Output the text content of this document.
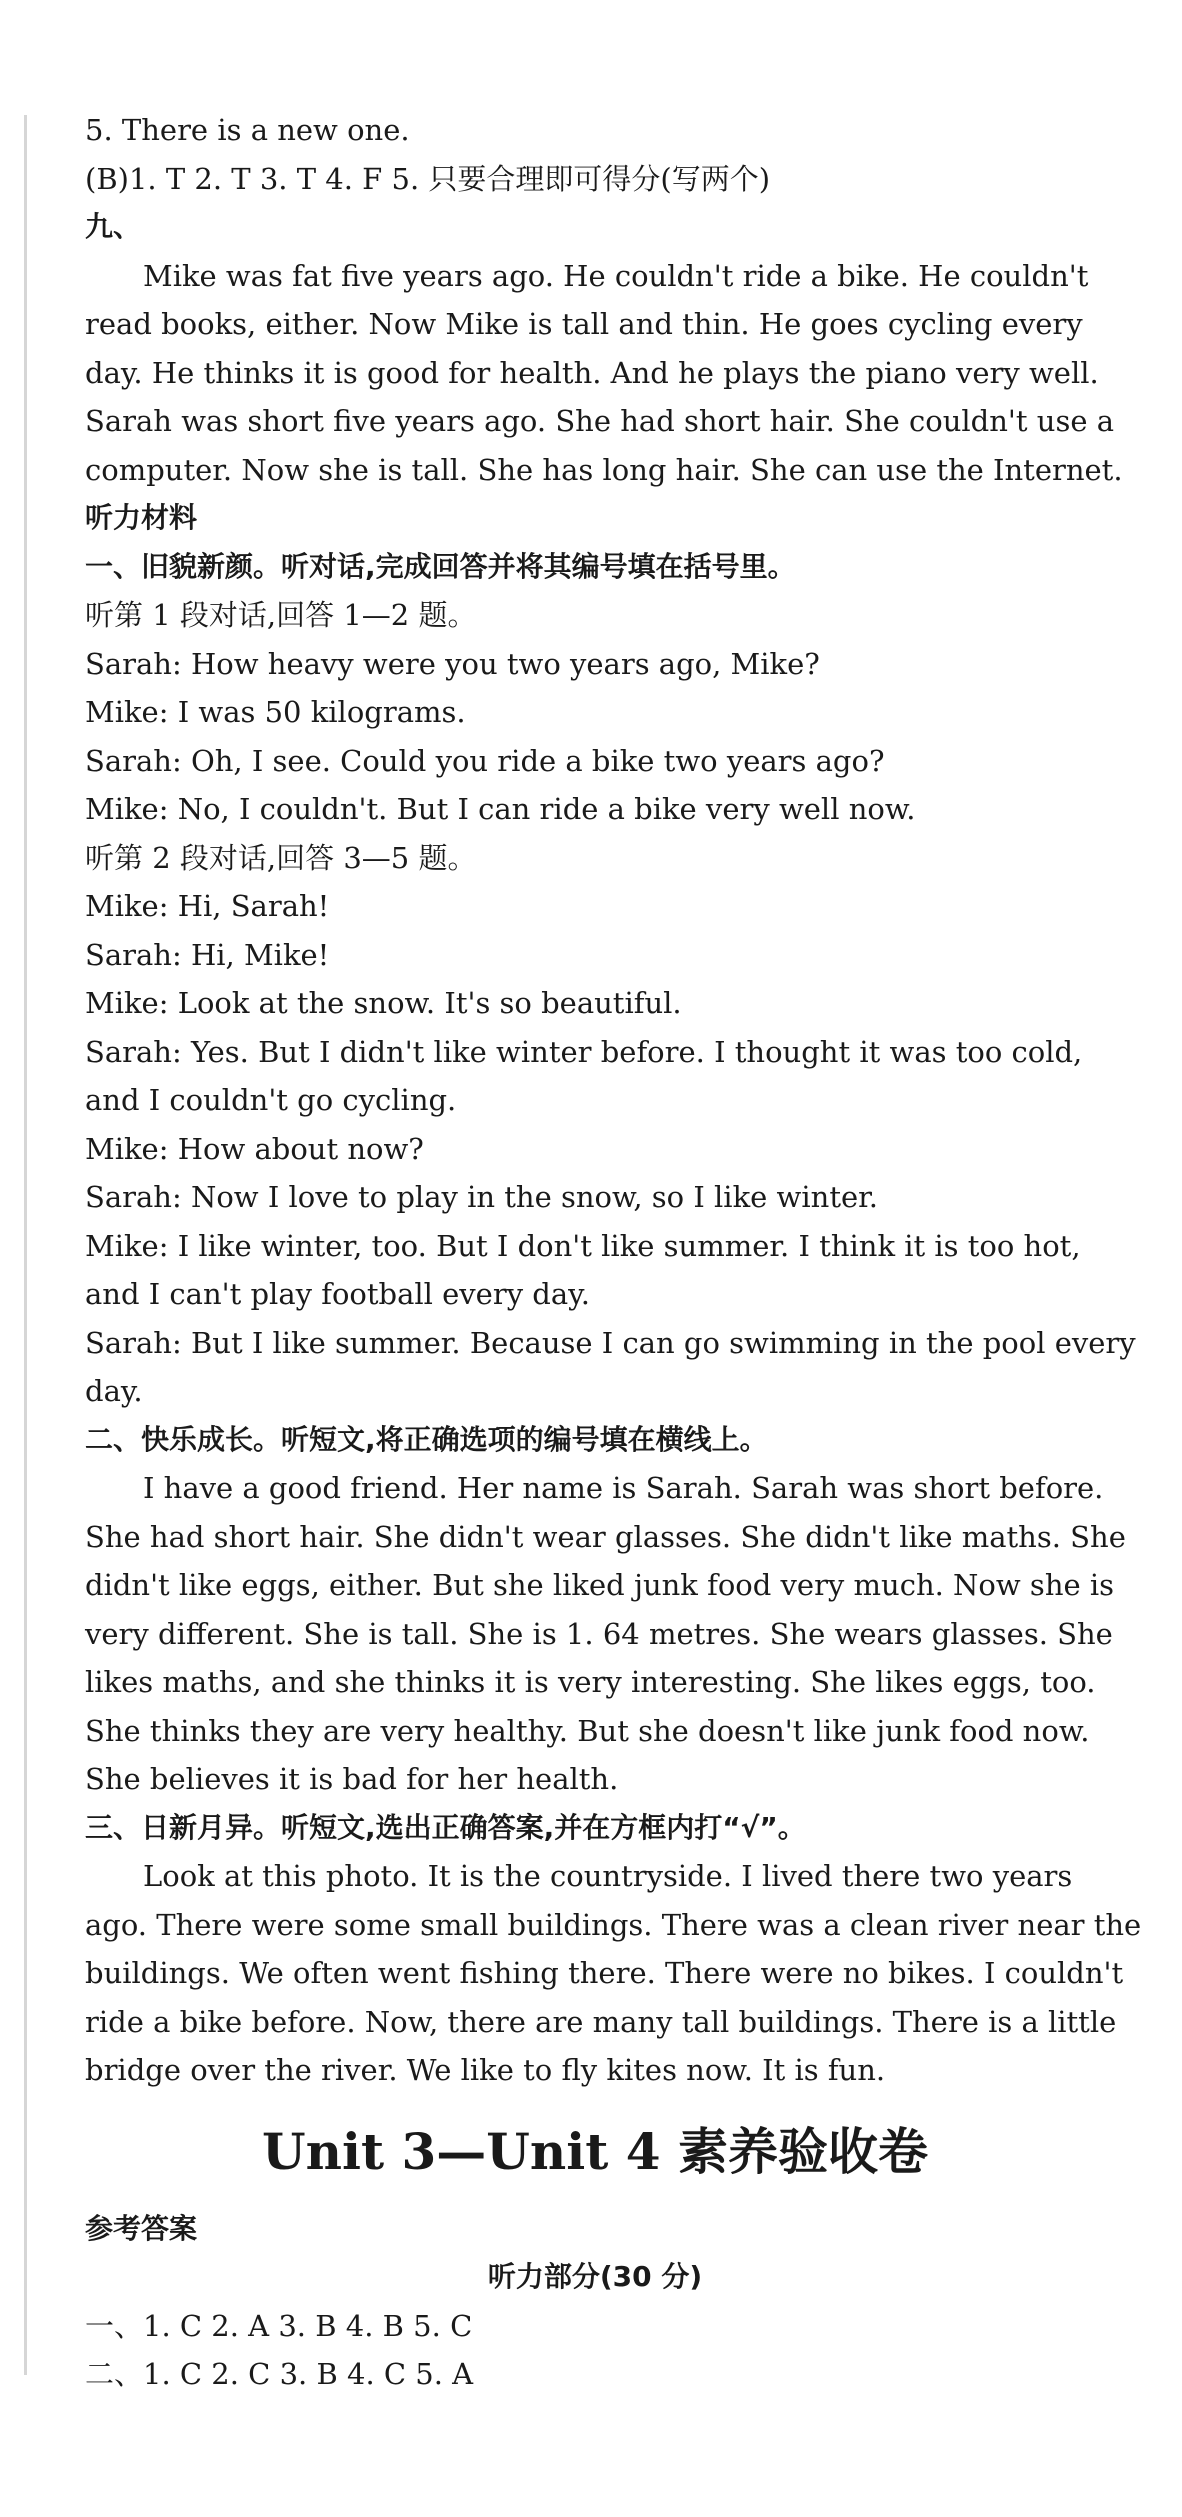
5. There is a new one.
(B)1. T 2. T 3. T 4. F 5. 只要合理即可得分(写两个)
九、
Mike was fat five years ago. He couldn't ride a bike. He couldn't
read books, either. Now Mike is tall and thin. He goes cycling every
day. He thinks it is good for health. And he plays the piano very well.
Sarah was short five years ago. She had short hair. She couldn't use a
computer. Now she is tall. She has long hair. She can use the Internet.
听力材料
一、旧貌新颜。听对话,完成回答并将其编号填在括号里。
听第 1 段对话,回答 1—2 题。
Sarah: How heavy were you two years ago, Mike?
Mike: I was 50 kilograms.
Sarah: Oh, I see. Could you ride a bike two years ago?
Mike: No, I couldn't. But I can ride a bike very well now.
听第 2 段对话,回答 3—5 题。
Mike: Hi, Sarah!
Sarah: Hi, Mike!
Mike: Look at the snow. It's so beautiful.
Sarah: Yes. But I didn't like winter before. I thought it was too cold,
and I couldn't go cycling.
Mike: How about now?
Sarah: Now I love to play in the snow, so I like winter.
Mike: I like winter, too. But I don't like summer. I think it is too hot,
and I can't play football every day.
Sarah: But I like summer. Because I can go swimming in the pool every
day.
二、快乐成长。听短文,将正确选项的编号填在横线上。
I have a good friend. Her name is Sarah. Sarah was short before.
She had short hair. She didn't wear glasses. She didn't like maths. She
didn't like eggs, either. But she liked junk food very much. Now she is
very different. She is tall. She is 1. 64 metres. She wears glasses. She
likes maths, and she thinks it is very interesting. She likes eggs, too.
She thinks they are very healthy. But she doesn't like junk food now.
She believes it is bad for her health.
三、日新月异。听短文,选出正确答案,并在方框内打“√”。
Look at this photo. It is the countryside. I lived there two years
ago. There were some small buildings. There was a clean river near the
buildings. We often went fishing there. There were no bikes. I couldn't
ride a bike before. Now, there are many tall buildings. There is a little
bridge over the river. We like to fly kites now. It is fun.
Unit 3—Unit 4 素养验收卷
参考答案
听力部分(30 分)
一、1. C 2. A 3. B 4. B 5. C
二、1. C 2. C 3. B 4. C 5. A
